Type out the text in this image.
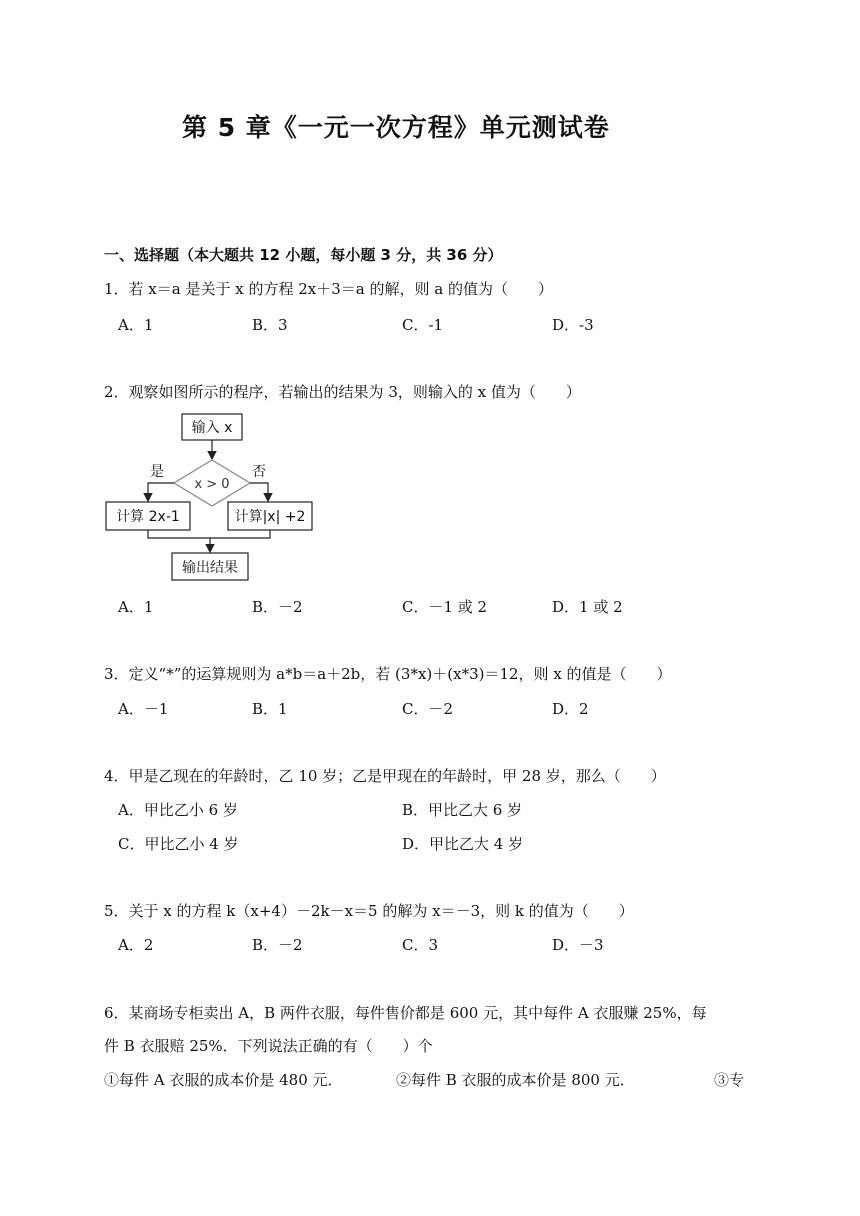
第 5 章《一元一次方程》单元测试卷
一、选择题（本大题共 12 小题，每小题 3 分，共 36 分）
1．若 x＝a 是关于 x 的方程 2x＋3＝a 的解，则 a 的值为（　　）
A．1	B．3	C．-1	D．-3
2．观察如图所示的程序，若输出的结果为 3，则输入的 x 值为（　　）
输入 x
x > 0
是	否
计算 2x-1	计算|x| +2
输出结果
A．1	B．－2	C．－1 或 2	D．1 或 2
3．定义“*”的运算规则为 a*b＝a＋2b，若 (3*x)＋(x*3)＝12，则 x 的值是（　　）
A．－1	B．1	C．－2	D．2
4．甲是乙现在的年龄时，乙 10 岁；乙是甲现在的年龄时，甲 28 岁，那么（　　）
A．甲比乙小 6 岁	B．甲比乙大 6 岁
C．甲比乙小 4 岁	D．甲比乙大 4 岁
5．关于 x 的方程 k（x+4）－2k－x＝5 的解为 x＝－3，则 k 的值为（　　）
A．2	B．－2	C．3	D．－3
6．某商场专柜卖出 A，B 两件衣服，每件售价都是 600 元，其中每件 A 衣服赚 25%，每
件 B 衣服赔 25%．下列说法正确的有（　　）个
①每件 A 衣服的成本价是 480 元．	②每件 B 衣服的成本价是 800 元．	③专
